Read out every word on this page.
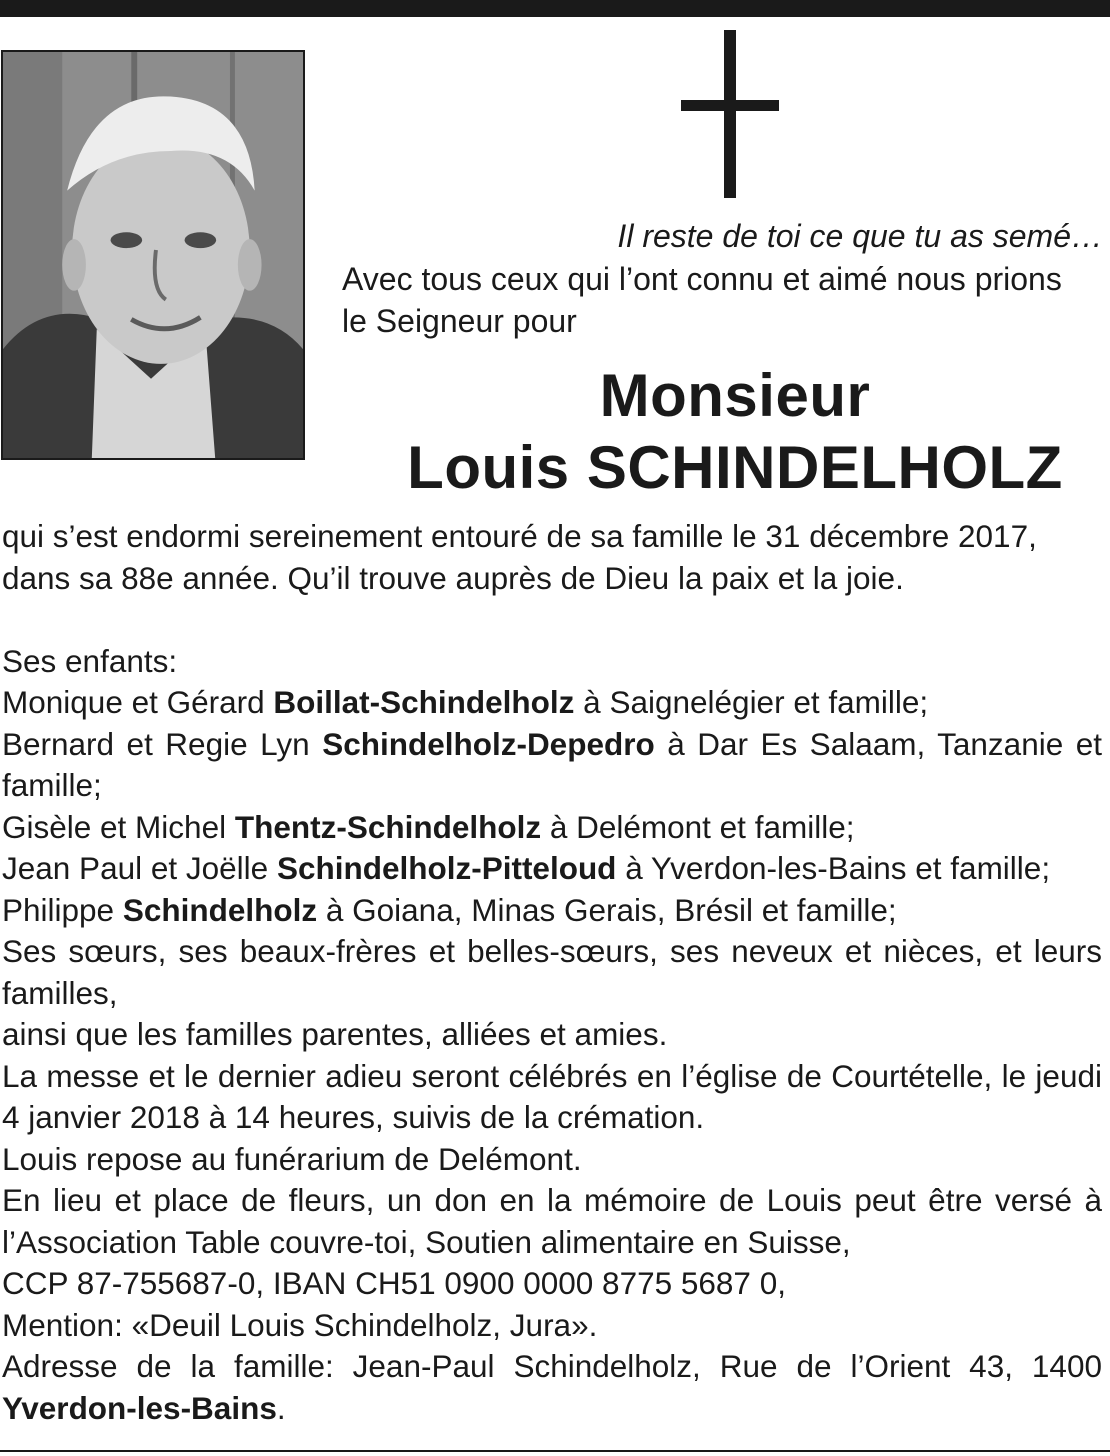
Il reste de toi ce que tu as semé…
Avec tous ceux qui l’ont connu et aimé nous prions
le Seigneur pour
Monsieur
Louis SCHINDELHOLZ
qui s’est endormi sereinement entouré de sa famille le 31 décembre 2017,
dans sa 88e année. Qu’il trouve auprès de Dieu la paix et la joie.
Ses enfants:
Monique et Gérard Boillat-Schindelholz à Saignelégier et famille;
Bernard et Regie Lyn Schindelholz-Depedro à Dar Es Salaam, Tanzanie et famille;
Gisèle et Michel Thentz-Schindelholz à Delémont et famille;
Jean Paul et Joëlle Schindelholz-Pitteloud à Yverdon-les-Bains et famille;
Philippe Schindelholz à Goiana, Minas Gerais, Brésil et famille;
Ses sœurs, ses beaux-frères et belles-sœurs, ses neveux et nièces, et leurs familles,
ainsi que les familles parentes, alliées et amies.
La messe et le dernier adieu seront célébrés en l’église de Courtételle, le jeudi 4 janvier 2018 à 14 heures, suivis de la crémation.
Louis repose au funérarium de Delémont.
En lieu et place de fleurs, un don en la mémoire de Louis peut être versé à l’Association Table couvre-toi, Soutien alimentaire en Suisse,
CCP 87-755687-0, IBAN CH51 0900 0000 8775 5687 0,
Mention: «Deuil Louis Schindelholz, Jura».
Adresse de la famille: Jean-Paul Schindelholz, Rue de l’Orient 43, 1400 Yverdon-les-Bains.
